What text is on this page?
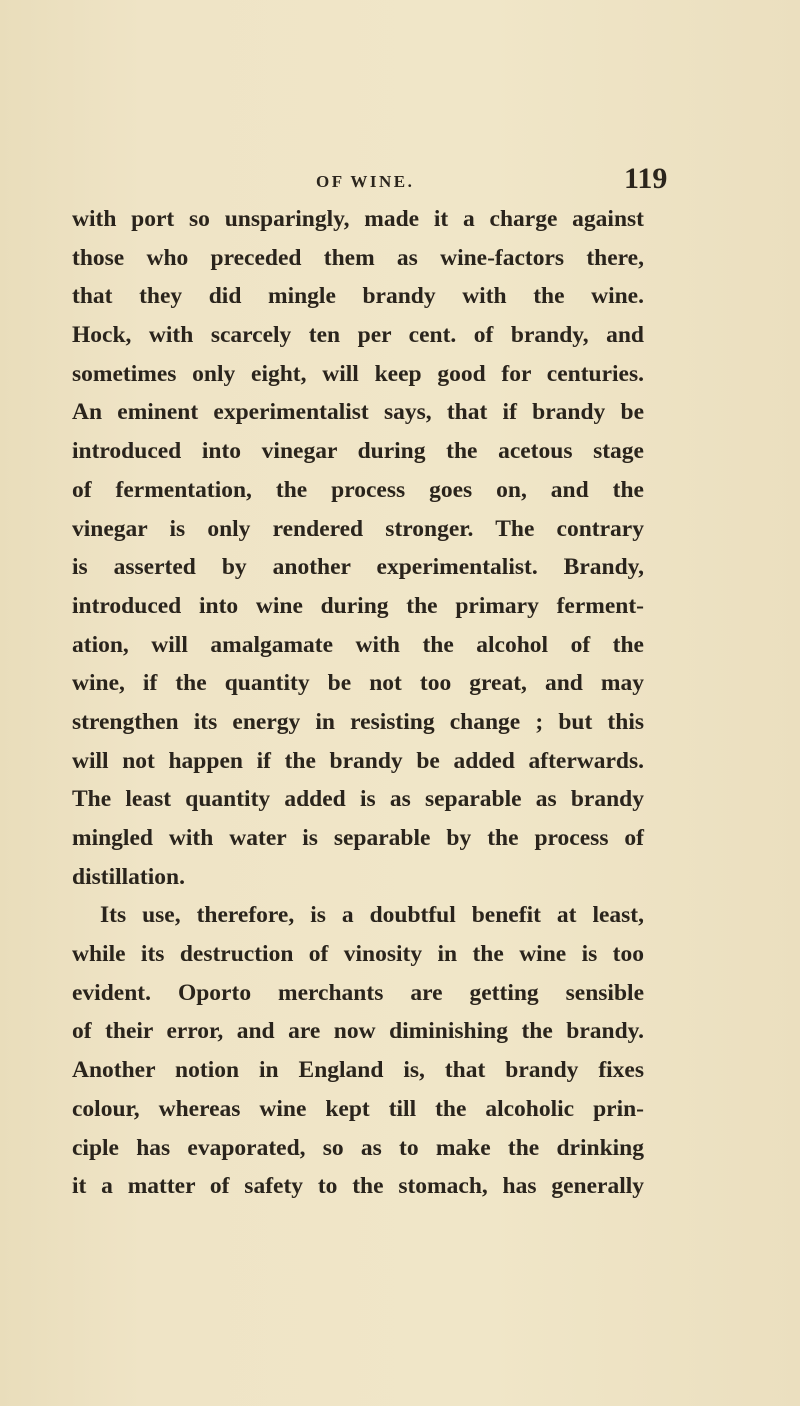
OF WINE.	119
with port so unsparingly, made it a charge against
those who preceded them as wine-factors there,
that they did mingle brandy with the wine.
Hock, with scarcely ten per cent. of brandy, and
sometimes only eight, will keep good for centuries.
An eminent experimentalist says, that if brandy be
introduced into vinegar during the acetous stage
of fermentation, the process goes on, and the
vinegar is only rendered stronger. The contrary
is asserted by another experimentalist. Brandy,
introduced into wine during the primary ferment-
ation, will amalgamate with the alcohol of the
wine, if the quantity be not too great, and may
strengthen its energy in resisting change ; but this
will not happen if the brandy be added afterwards.
The least quantity added is as separable as brandy
mingled with water is separable by the process of
distillation.
Its use, therefore, is a doubtful benefit at least,
while its destruction of vinosity in the wine is too
evident. Oporto merchants are getting sensible
of their error, and are now diminishing the brandy.
Another notion in England is, that brandy fixes
colour, whereas wine kept till the alcoholic prin-
ciple has evaporated, so as to make the drinking
it a matter of safety to the stomach, has generally
